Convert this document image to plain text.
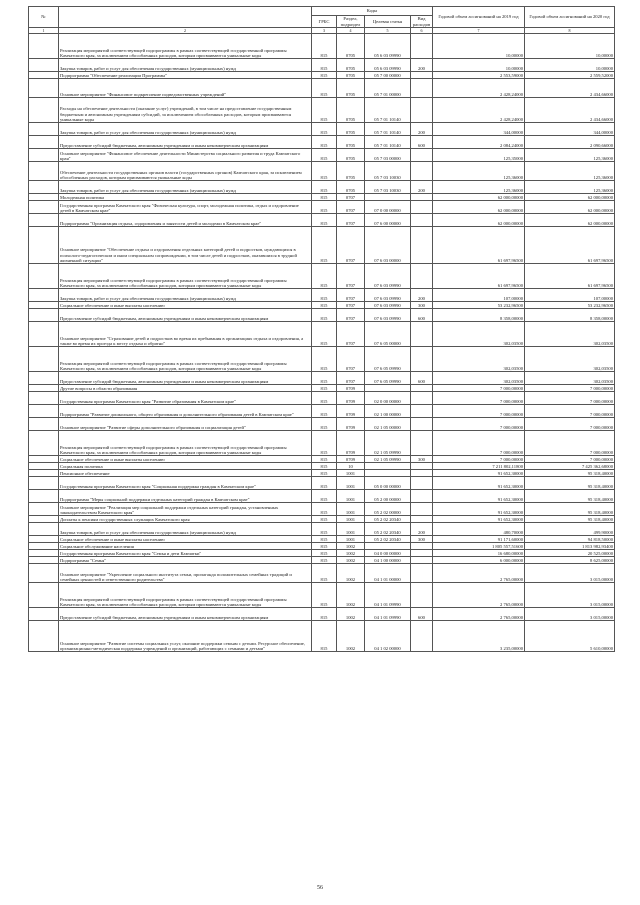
№		Коды				Годовой объем ассигнований на 2019 год	Годовой объем ассигнований на 2020 год
		ГРБС	Раздел, подраздел	Целевая статья	Вид расходов		
1	2	3	4	5	6	7	8
	Реализация мероприятий соответствующей подпрограммы в рамках соответствующей государственной программы Камчатского края, за исключением обособленных расходов, которым присваиваются уникальные коды	815	0705	05 6 03 09990		10,00000	10,00000
	Закупка товаров, работ и услуг для обеспечения государственных (муниципальных) нужд	815	0705	05 6 03 09990	200	10,00000	10,00000
	Подпрограмма "Обеспечение реализации Программы"	815	0705	05 7 00 00000		2 553,59000	2 559,52000
	Основное мероприятие "Финансовое подкрепление подведомственных учреждений"	815	0705	05 7 01 00000		2 428,24000	2 434,66000
	Расходы на обеспечение деятельности (оказание услуг) учреждений, в том числе на предоставление государственным бюджетным и автономным учреждениям субсидий, за исключением обособленных расходов, которым присваиваются уникальные коды	815	0705	05 7 01 10140		2 428,24000	2 434,66000
	Закупка товаров, работ и услуг для обеспечения государственных (муниципальных) нужд	815	0705	05 7 01 10140	200	344,00000	344,00000
	Предоставление субсидий бюджетным, автономным учреждениям и иным некоммерческим организациям	815	0705	05 7 01 10140	600	2 084,24000	2 090,66000
	Основное мероприятие "Финансовое обеспечение деятельности Министерства социального развития и труда Камчатского края"	815	0705	05 7 03 00000		125,35000	125,36000
	Обеспечение деятельности государственных органов власти (государственных органов) Камчатского края, за исключением обособленных расходов, которым присваиваются уникальные коды	815	0705	05 7 03 10030		125,36000	125,36000
	Закупка товаров, работ и услуг для обеспечения государственных (муниципальных) нужд	815	0705	05 7 03 10030	200	125,36000	125,36000
	Молодежная политика	815	0707			62 000,00000	62 000,00000
	Государственная программа Камчатского края "Физическая культура, спорт, молодежная политика, отдых и оздоровление детей в Камчатском крае"	815	0707	07 0 00 00000		62 000,00000	62 000,00000
	Подпрограмма "Организация отдыха, оздоровления и занятости детей и молодежи в Камчатском крае"	815	0707	07 6 00 00000		62 000,00000	62 000,00000
	Основное мероприятие "Обеспечение отдыха и оздоровления отдельных категорий детей и подростков, нуждающихся в психолого-педагогическом и ином специальном сопровождении, в том числе детей и подростков, оказавшихся в трудной жизненной ситуации"	815	0707	07 6 03 00000		61 697,96500	61 697,96500
	Реализация мероприятий соответствующей подпрограммы в рамках соответствующей государственной программы Камчатского края, за исключением обособленных расходов, которым присваиваются уникальные коды	815	0707	07 6 03 09990		61 697,96500	61 697,96500
	Закупка товаров, работ и услуг для обеспечения государственных (муниципальных) нужд	815	0707	07 6 03 09990	200	107,00000	107,00000
	Социальное обеспечение и иные выплаты населению	815	0707	07 6 03 09990	300	53 232,96500	53 232,96500
	Предоставление субсидий бюджетным, автономным учреждениям и иным некоммерческим организациям	815	0707	07 6 03 09990	600	8 358,00000	8 358,00000
	Основное мероприятие "Страхование детей и подростков во время их пребывания в организациях отдыха и оздоровления, а также во время их проезда к месту отдыха и обратно"	815	0707	07 6 05 00000		302,03500	302,03500
	Реализация мероприятий соответствующей подпрограммы в рамках соответствующей государственной программы Камчатского края, за исключением обособленных расходов, которым присваиваются уникальные коды	815	0707	07 6 05 09990		302,03500	302,03500
	Предоставление субсидий бюджетным, автономным учреждениям и иным некоммерческим организациям	815	0707	07 6 05 09990	600	302,03500	302,03500
	Другие вопросы в области образования	815	0709			7 000,00000	7 000,00000
	Государственная программа Камчатского края "Развитие образования в Камчатском крае"	815	0709	02 0 00 00000		7 000,00000	7 000,00000
	Подпрограмма "Развитие дошкольного, общего образования и дополнительного образования детей в Камчатском крае"	815	0709	02 1 00 00000		7 000,00000	7 000,00000
	Основное мероприятие "Развитие сферы дополнительного образования и социализация детей"	815	0709	02 1 05 00000		7 000,00000	7 000,00000
	Реализация мероприятий соответствующей подпрограммы в рамках соответствующей государственной программы Камчатского края, за исключением обособленных расходов, которым присваиваются уникальные коды	815	0709	02 1 05 09990		7 000,00000	7 000,00000
	Социальное обеспечение и иные выплаты населению	815	0709	02 1 05 09990	300	7 000,00000	7 000,00000
	Социальная политика	815	10			7 211 802,11800	7 425 362,68000
	Пенсионное обеспечение	815	1001			91 652,30000	95 318,40000
	Государственная программа Камчатского края "Социальная поддержка граждан в Камчатском крае"	815	1001	05 0 00 00000		91 652,30000	95 318,40000
	Подпрограмма "Меры социальной поддержки отдельных категорий граждан в Камчатском крае"	815	1001	05 2 00 00000		91 652,30000	95 318,40000
	Основное мероприятие "Реализация мер социальной поддержки отдельных категорий граждан, установленных законодательством Камчатского края"	815	1001	05 2 02 00000		91 652,30000	95 318,40000
	Доплаты к пенсиям государственных служащих Камчатского края	815	1001	05 2 02 20340		91 652,30000	95 318,40000
	Закупка товаров, работ и услуг для обеспечения государственных (муниципальных) нужд	815	1001	05 2 02 20340	200	480,70000	499,90000
	Социальное обеспечение и иные выплаты населению	815	1001	05 2 02 20340	300	91 171,60000	94 818,50000
	Социальное обслуживание населения	815	1002			1 805 557,51600	1 813 982,93400
	Государственная программа Камчатского края "Семья и дети Камчатки"	815	1002	04 0 00 00000		16 680,00000	20 525,00000
	Подпрограмма "Семья"	815	1002	04 1 00 00000		6 000,00000	8 625,00000
	Основное мероприятие "Укрепление социального института семьи, пропаганда положительных семейных традиций и семейных ценностей и ответственного родительства"	815	1002	04 1 01 00000		2 765,00000	3 015,00000
	Реализация мероприятий соответствующей подпрограммы в рамках соответствующей государственной программы Камчатского края, за исключением обособленных расходов, которым присваиваются уникальные коды	815	1002	04 1 01 09990		2 765,00000	3 015,00000
	Предоставление субсидий бюджетным, автономным учреждениям и иным некоммерческим организациям	815	1002	04 1 01 09990	600	2 765,00000	3 015,00000
	Основное мероприятие "Развитие системы социальных услуг, оказание поддержки семьям с детьми. Ресурсное обеспечение, организационно-методическая поддержка учреждений и организаций, работающих с семьями и детьми"	815	1002	04 1 02 00000		3 235,00000	5 610,00000
56
